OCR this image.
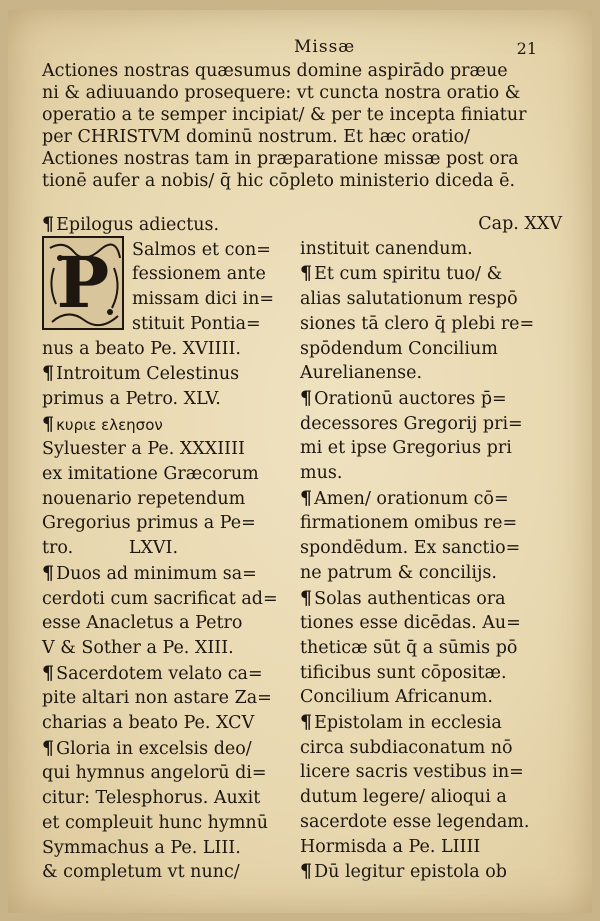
Missæ	21
Actiones nostras quæsumus domine aspirādo præue
ni & adiuuando prosequere: vt cuncta nostra oratio &
operatio a te semper incipiat/ & per te incepta finiatur
per CHRISTVM dominū nostrum. Et hæc oratio/
Actiones nostras tam in præparatione missæ post ora
tionē aufer a nobis/ q̄ hic cōpleto ministerio diceda ē.
¶ Epilogus adiectus.
P Salmos et con=
fessionem ante
missam dici in=
stituit Pontia=
nus a beato Pe. XVIIII.
¶ Introitum Celestinus
primus a Petro. XLV.
¶ κυριε ελεησον
Syluester a Pe. XXXIIII
ex imitatione Græcorum
nouenario repetendum
Gregorius primus a Pe=
tro.          LXVI.
¶ Duos ad minimum sa=
cerdoti cum sacrificat ad=
esse Anacletus a Petro
V & Sother a Pe. XIII.
¶ Sacerdotem velato ca=
pite altari non astare Za=
charias a beato Pe. XCV
¶ Gloria in excelsis deo/
qui hymnus angelorū di=
citur: Telesphorus. Auxit
et compleuit hunc hymnū
Symmachus a Pe. LIII.
& completum vt nunc/
Cap. XXV
instituit canendum.
¶ Et cum spiritu tuo/ &
alias salutationum respō
siones tā clero q̄ plebi re=
spōdendum Concilium
Aurelianense.
¶ Orationū auctores p̄=
decessores Gregorij pri=
mi et ipse Gregorius pri
mus.
¶ Amen/ orationum cō=
firmationem omibus re=
spondēdum. Ex sanctio=
ne patrum & concilijs.
¶ Solas authenticas ora
tiones esse dicēdas. Au=
theticæ sūt q̄ a sūmis pō
tificibus sunt cōpositæ.
Concilium Africanum.
¶ Epistolam in ecclesia
circa subdiaconatum nō
licere sacris vestibus in=
dutum legere/ alioqui a
sacerdote esse legendam.
Hormisda a Pe. LIIII
¶ Dū legitur epistola ob
